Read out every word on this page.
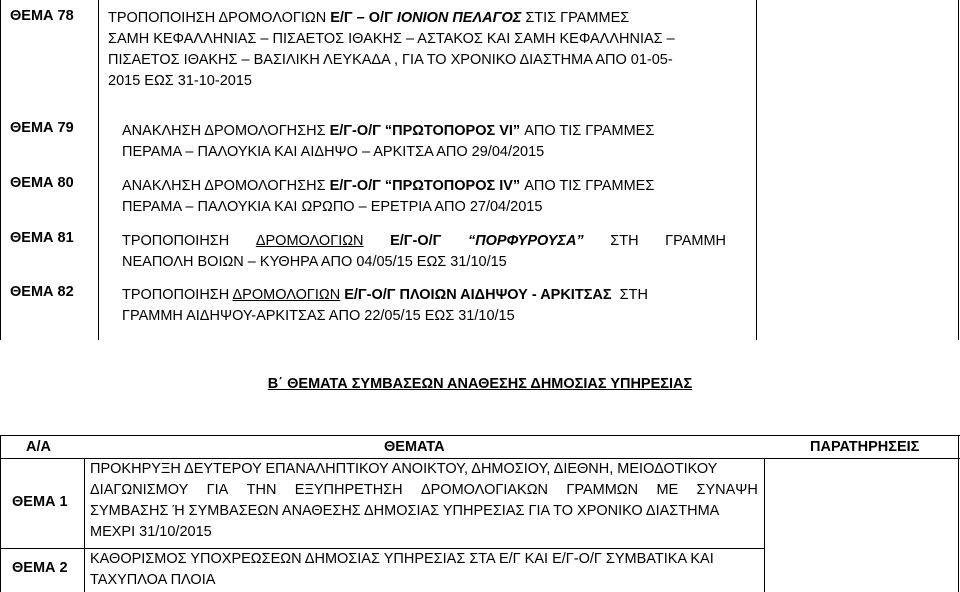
ΘΕΜΑ 78 ΤΡΟΠΟΠΟΙΗΣΗ ΔΡΟΜΟΛΟΓΙΩΝ Ε/Γ – Ο/Γ ΙΟΝΙΟΝ ΠΕΛΑΓΟΣ ΣΤΙΣ ΓΡΑΜΜΕΣ
ΣΑΜΗ ΚΕΦΑΛΛΗΝΙΑΣ – ΠΙΣΑΕΤΟΣ ΙΘΑΚΗΣ – ΑΣΤΑΚΟΣ ΚΑΙ ΣΑΜΗ ΚΕΦΑΛΛΗΝΙΑΣ –
ΠΙΣΑΕΤΟΣ ΙΘΑΚΗΣ – ΒΑΣΙΛΙΚΗ ΛΕΥΚΑΔΑ , ΓΙΑ ΤΟ ΧΡΟΝΙΚΟ ΔΙΑΣΤΗΜΑ ΑΠΟ 01-05-
2015 ΕΩΣ 31-10-2015
ΘΕΜΑ 79	ΑΝΑΚΛΗΣΗ ΔΡΟΜΟΛΟΓΗΣΗΣ Ε/Γ-Ο/Γ “ΠΡΩΤΟΠΟΡΟΣ VI” ΑΠΟ ΤΙΣ ΓΡΑΜΜΕΣ
ΠΕΡΑΜΑ – ΠΑΛΟΥΚΙΑ ΚΑΙ ΑΙΔΗΨΟ – ΑΡΚΙΤΣΑ ΑΠΟ 29/04/2015
ΘΕΜΑ 80	ΑΝΑΚΛΗΣΗ ΔΡΟΜΟΛΟΓΗΣΗΣ Ε/Γ-Ο/Γ “ΠΡΩΤΟΠΟΡΟΣ IV” ΑΠΟ ΤΙΣ ΓΡΑΜΜΕΣ
ΠΕΡΑΜΑ – ΠΑΛΟΥΚΙΑ ΚΑΙ ΩΡΩΠΟ – ΕΡΕΤΡΙΑ ΑΠΟ 27/04/2015
ΘΕΜΑ 81	ΤΡΟΠΟΠΟΙΗΣΗ ΔΡΟΜΟΛΟΓΙΩΝ Ε/Γ-Ο/Γ “ΠΟΡΦΥΡΟΥΣΑ” ΣΤΗ ΓΡΑΜΜΗ
ΝΕΑΠΟΛΗ ΒΟΙΩΝ – ΚΥΘΗΡΑ ΑΠΟ 04/05/15 ΕΩΣ 31/10/15
ΘΕΜΑ 82	ΤΡΟΠΟΠΟΙΗΣΗ ΔΡΟΜΟΛΟΓΙΩΝ Ε/Γ-Ο/Γ ΠΛΟΙΩΝ ΑΙΔΗΨΟΥ - ΑΡΚΙΤΣΑΣ  ΣΤΗ
ΓΡΑΜΜΗ ΑΙΔΗΨΟΥ-ΑΡΚΙΤΣΑΣ ΑΠΟ 22/05/15 ΕΩΣ 31/10/15
Β΄ ΘΕΜΑΤΑ ΣΥΜΒΑΣΕΩΝ ΑΝΑΘΕΣΗΣ ΔΗΜΟΣΙΑΣ ΥΠΗΡΕΣΙΑΣ
Α/Α	ΘΕΜΑΤΑ	ΠΑΡΑΤΗΡΗΣΕΙΣ
ΘΕΜΑ 1
ΠΡΟΚΗΡΥΞΗ ΔΕΥΤΕΡΟΥ ΕΠΑΝΑΛΗΠΤΙΚΟΥ ΑΝΟΙΚΤΟΥ, ΔΗΜΟΣΙΟΥ, ΔΙΕΘΝΗ, ΜΕΙΟΔΟΤΙΚΟΥ
ΔΙΑΓΩΝΙΣΜΟΥ ΓΙΑ ΤΗΝ ΕΞΥΠΗΡΕΤΗΣΗ ΔΡΟΜΟΛΟΓΙΑΚΩΝ ΓΡΑΜΜΩΝ ΜΕ ΣΥΝΑΨΗ
ΣΥΜΒΑΣΗΣ Ή ΣΥΜΒΑΣΕΩΝ ΑΝΑΘΕΣΗΣ ΔΗΜΟΣΙΑΣ ΥΠΗΡΕΣΙΑΣ ΓΙΑ ΤΟ ΧΡΟΝΙΚΟ ΔΙΑΣΤΗΜΑ
ΜΕΧΡΙ 31/10/2015
ΘΕΜΑ 2
ΚΑΘΟΡΙΣΜΟΣ ΥΠΟΧΡΕΩΣΕΩΝ ΔΗΜΟΣΙΑΣ ΥΠΗΡΕΣΙΑΣ ΣΤΑ Ε/Γ ΚΑΙ Ε/Γ-Ο/Γ ΣΥΜΒΑΤΙΚΑ ΚΑΙ
ΤΑΧΥΠΛΟΑ ΠΛΟΙΑ
